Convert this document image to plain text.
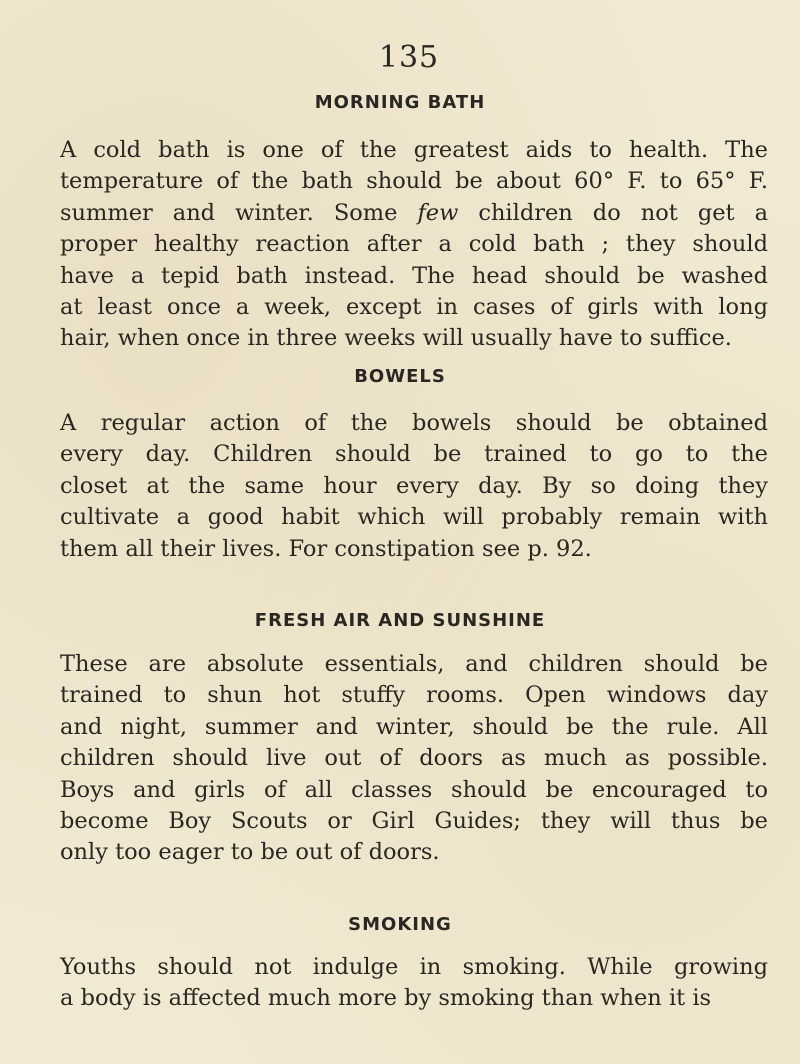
135
MORNING BATH
A cold bath is one of the greatest aids to health. The
temperature of the bath should be about 60° F. to 65° F.
summer and winter. Some few children do not get a
proper healthy reaction after a cold bath ; they should
have a tepid bath instead. The head should be washed
at least once a week, except in cases of girls with long
hair, when once in three weeks will usually have to suffice.
BOWELS
A regular action of the bowels should be obtained
every day. Children should be trained to go to the
closet at the same hour every day. By so doing they
cultivate a good habit which will probably remain with
them all their lives. For constipation see p. 92.
FRESH AIR AND SUNSHINE
These are absolute essentials, and children should be
trained to shun hot stuffy rooms. Open windows day
and night, summer and winter, should be the rule. All
children should live out of doors as much as possible.
Boys and girls of all classes should be encouraged to
become Boy Scouts or Girl Guides; they will thus be
only too eager to be out of doors.
SMOKING
Youths should not indulge in smoking. While growing
a body is affected much more by smoking than when it is
